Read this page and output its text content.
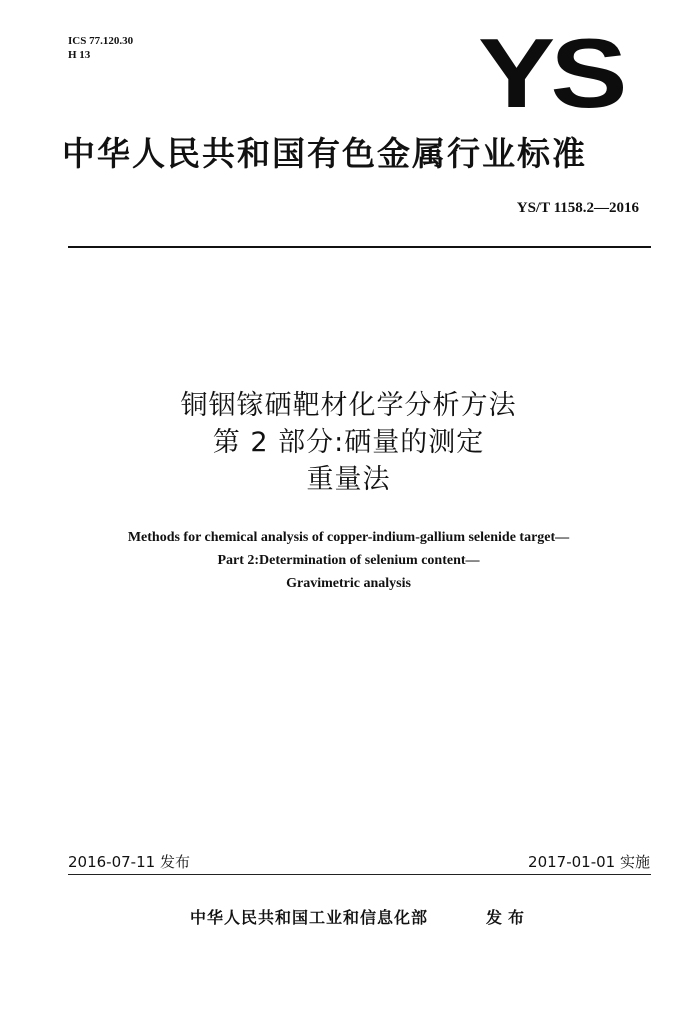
ICS 77.120.30
H 13	YS
中华人民共和国有色金属行业标准
YS/T 1158.2—2016
铜铟镓硒靶材化学分析方法
第 2 部分:硒量的测定
重量法
Methods for chemical analysis of copper-indium-gallium selenide target—
Part 2:Determination of selenium content—
Gravimetric analysis
2016-07-11 发布	2017-01-01 实施
中华人民共和国工业和信息化部	发布
